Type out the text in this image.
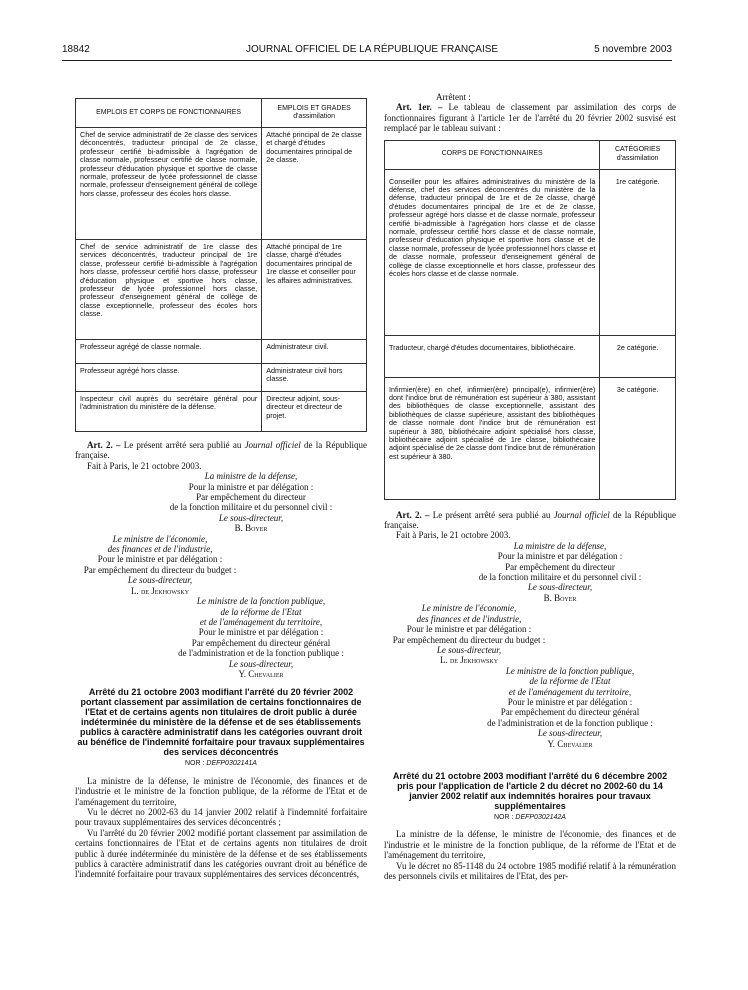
18842	JOURNAL OFFICIEL DE LA RÉPUBLIQUE FRANÇAISE	5 novembre 2003
EMPLOIS ET CORPS DE FONCTIONNAIRES	EMPLOIS ET GRADES d'assimilation
Chef de service administratif de 2e classe des services déconcentrés, traducteur principal de 2e classe, professeur certifié bi-admissible à l'agrégation de classe normale, professeur certifié de classe normale, professeur d'éducation physique et sportive de classe normale, professeur de lycée professionnel de classe normale, professeur d'enseignement général de collège hors classe, professeur des écoles hors classe.	Attaché principal de 2e classe et chargé d'études documentaires principal de 2e classe.
Chef de service administratif de 1re classe des services déconcentrés, traducteur principal de 1re classe, professeur certifié bi-admissible à l'agrégation hors classe, professeur certifié hors classe, professeur d'éducation physique et sportive hors classe, professeur de lycée professionnel hors classe, professeur d'enseignement général de collège de classe exceptionnelle, professeur des écoles hors classe.	Attaché principal de 1re classe, chargé d'études documentaires principal de 1re classe et conseiller pour les affaires administratives.
Professeur agrégé de classe normale.	Administrateur civil.
Professeur agrégé hors classe.	Administrateur civil hors classe.
Inspecteur civil auprès du secrétaire général pour l'administration du ministère de la défense.	Directeur adjoint, sous-directeur et directeur de projet.

Art. 2. – Le présent arrêté sera publié au Journal officiel de la République française.

Fait à Paris, le 21 octobre 2003.

La ministre de la défense,

Pour la ministre et par délégation :

Par empêchement du directeur

de la fonction militaire et du personnel civil :

Le sous-directeur,

B. Boyer

Le ministre de l'économie,

des finances et de l'industrie,

Pour le ministre et par délégation :

Par empêchement du directeur du budget :

Le sous-directeur,

L. de Jekhowsky

Le ministre de la fonction publique,

de la réforme de l'Etat

et de l'aménagement du territoire,

Pour le ministre et par délégation :

Par empêchement du directeur général

de l'administration et de la fonction publique :

Le sous-directeur,

Y. Chevalier

Arrêté du 21 octobre 2003 modifiant l'arrêté du 20 février 2002 portant classement par assimilation de certains fonctionnaires de l'Etat et de certains agents non titulaires de droit public à durée indéterminée du ministère de la défense et de ses établissements publics à caractère administratif dans les catégories ouvrant droit au bénéfice de l'indemnité forfaitaire pour travaux supplémentaires des services déconcentrés

NOR : DEFP0302141A

La ministre de la défense, le ministre de l'économie, des finances et de l'industrie et le ministre de la fonction publique, de la réforme de l'Etat et de l'aménagement du territoire,

Vu le décret no 2002-63 du 14 janvier 2002 relatif à l'indemnité forfaitaire pour travaux supplémentaires des services déconcentrés ;

Vu l'arrêté du 20 février 2002 modifié portant classement par assimilation de certains fonctionnaires de l'Etat et de certains agents non titulaires de droit public à durée indéterminée du ministère de la défense et de ses établissements publics à caractère administratif dans les catégories ouvrant droit au bénéfice de l'indemnité forfaitaire pour travaux supplémentaires des services déconcentrés,

Arrêtent :

Art. 1er. – Le tableau de classement par assimilation des corps de fonctionnaires figurant à l'article 1er de l'arrêté du 20 février 2002 susvisé est remplacé par le tableau suivant :

CORPS DE FONCTIONNAIRES	CATÉGORIES d'assimilation
Conseiller pour les affaires administratives du ministère de la défense, chef des services déconcentrés du ministère de la défense, traducteur principal de 1re et de 2e classe, chargé d'études documentaires principal de 1re et de 2e classe, professeur agrégé hors classe et de classe normale, professeur certifié bi-admissible à l'agrégation hors classe et de classe normale, professeur certifié hors classe et de classe normale, professeur d'éducation physique et sportive hors classe et de classe normale, professeur de lycée professionnel hors classe et de classe normale, professeur d'enseignement général de collège de classe exceptionnelle et hors classe, professeur des écoles hors classe et de classe normale.	1re catégorie.
Traducteur, chargé d'études documentaires, bibliothécaire.	2e catégorie.
Infirmier(ère) en chef, infirmier(ère) principal(e), infirmier(ère) dont l'indice brut de rémunération est supérieur à 380, assistant des bibliothèques de classe exceptionnelle, assistant des bibliothèques de classe supérieure, assistant des bibliothèques de classe normale dont l'indice brut de rémunération est supérieur à 380, bibliothécaire adjoint spécialisé hors classe, bibliothécaire adjoint spécialisé de 1re classe, bibliothécaire adjoint spécialisé de 2e classe dont l'indice brut de rémunération est supérieur à 380.	3e catégorie.

Art. 2. – Le présent arrêté sera publié au Journal officiel de la République française.

Fait à Paris, le 21 octobre 2003.

La ministre de la défense,

Pour la ministre et par délégation :

Par empêchement du directeur

de la fonction militaire et du personnel civil :

Le sous-directeur,

B. Boyer

Le ministre de l'économie,

des finances et de l'industrie,

Pour le ministre et par délégation :

Par empêchement du directeur du budget :

Le sous-directeur,

L. de Jekhowsky

Le ministre de la fonction publique,

de la réforme de l'Etat

et de l'aménagement du territoire,

Pour le ministre et par délégation :

Par empêchement du directeur général

de l'administration et de la fonction publique :

Le sous-directeur,

Y. Chevalier

Arrêté du 21 octobre 2003 modifiant l'arrêté du 6 décembre 2002 pris pour l'application de l'article 2 du décret no 2002-60 du 14 janvier 2002 relatif aux indemnités horaires pour travaux supplémentaires

NOR : DEFP0302142A

La ministre de la défense, le ministre de l'économie, des finances et de l'industrie et le ministre de la fonction publique, de la réforme de l'Etat et de l'aménagement du territoire,

Vu le décret no 85-1148 du 24 octobre 1985 modifié relatif à la rémunération des personnels civils et militaires de l'Etat, des per-
